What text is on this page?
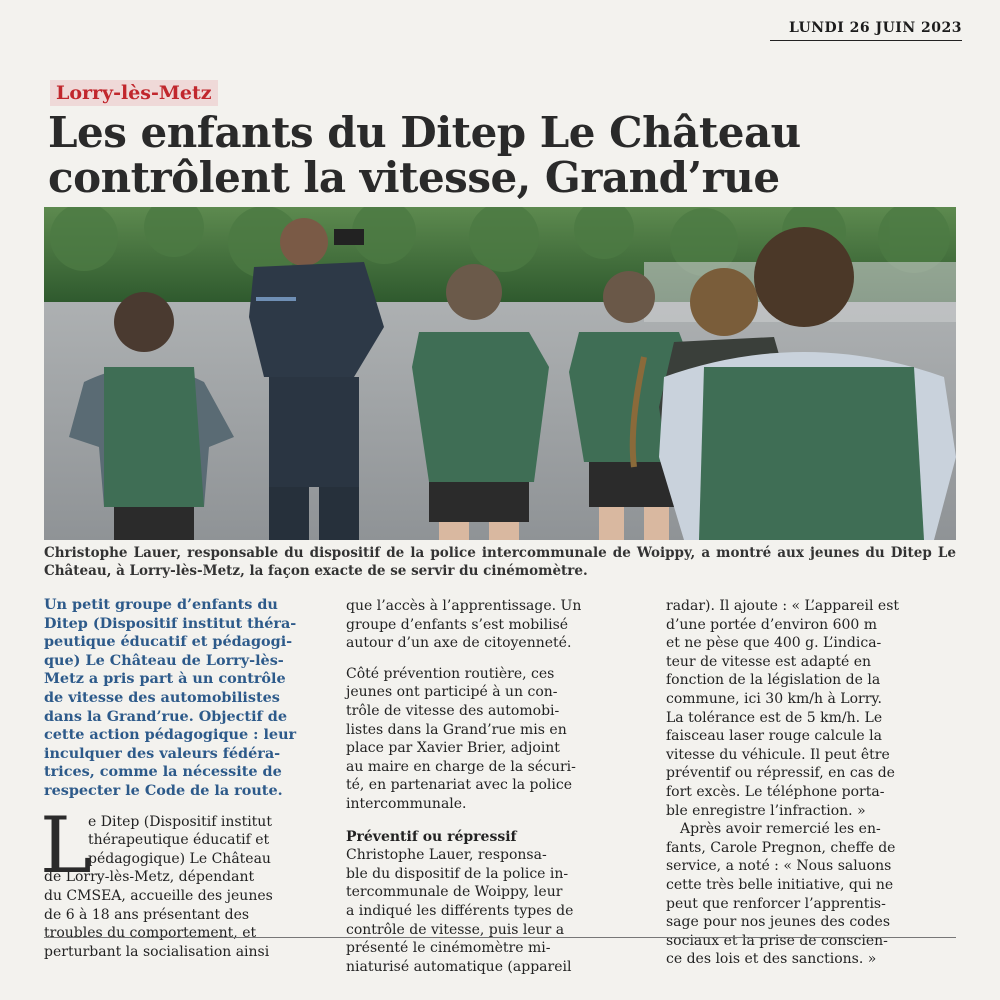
LUNDI 26 JUIN 2023
Lorry-lès-Metz
Les enfants du Ditep Le Château
contrôlent la vitesse, Grand’rue
Christophe Lauer, responsable du dispositif de la police intercommunale de Woippy, a montré aux jeunes du Ditep Le Château, à Lorry-lès-Metz, la façon exacte de se servir du cinémomètre.
Un petit groupe d’enfants du
Ditep (Dispositif institut théra-
peutique éducatif et pédagogi-
que) Le Château de Lorry-lès-
Metz a pris part à un contrôle
de vitesse des automobilistes
dans la Grand’rue. Objectif de
cette action pédagogique : leur
inculquer des valeurs fédéra-
trices, comme la nécessite de
respecter le Code de la route.
L
e Ditep (Dispositif institut
thérapeutique éducatif et
pédagogique) Le Château
de Lorry-lès-Metz, dépendant
du CMSEA, accueille des jeunes
de 6 à 18 ans présentant des
troubles du comportement, et
perturbant la socialisation ainsi
que l’accès à l’apprentissage. Un
groupe d’enfants s’est mobilisé
autour d’un axe de citoyenneté.
Côté prévention routière, ces
jeunes ont participé à un con-
trôle de vitesse des automobi-
listes dans la Grand’rue mis en
place par Xavier Brier, adjoint
au maire en charge de la sécuri-
té, en partenariat avec la police
intercommunale.
Préventif ou répressif
Christophe Lauer, responsa-
ble du dispositif de la police in-
tercommunale de Woippy, leur
a indiqué les différents types de
contrôle de vitesse, puis leur a
présenté le cinémomètre mi-
niaturisé automatique (appareil
radar). Il ajoute : « L’appareil est
d’une portée d’environ 600 m
et ne pèse que 400 g. L’indica-
teur de vitesse est adapté en
fonction de la législation de la
commune, ici 30 km/h à Lorry.
La tolérance est de 5 km/h. Le
faisceau laser rouge calcule la
vitesse du véhicule. Il peut être
préventif ou répressif, en cas de
fort excès. Le téléphone porta-
ble enregistre l’infraction. »
Après avoir remercié les en-
fants, Carole Pregnon, cheffe de
service, a noté : « Nous saluons
cette très belle initiative, qui ne
peut que renforcer l’apprentis-
sage pour nos jeunes des codes
sociaux et la prise de conscien-
ce des lois et des sanctions. »
